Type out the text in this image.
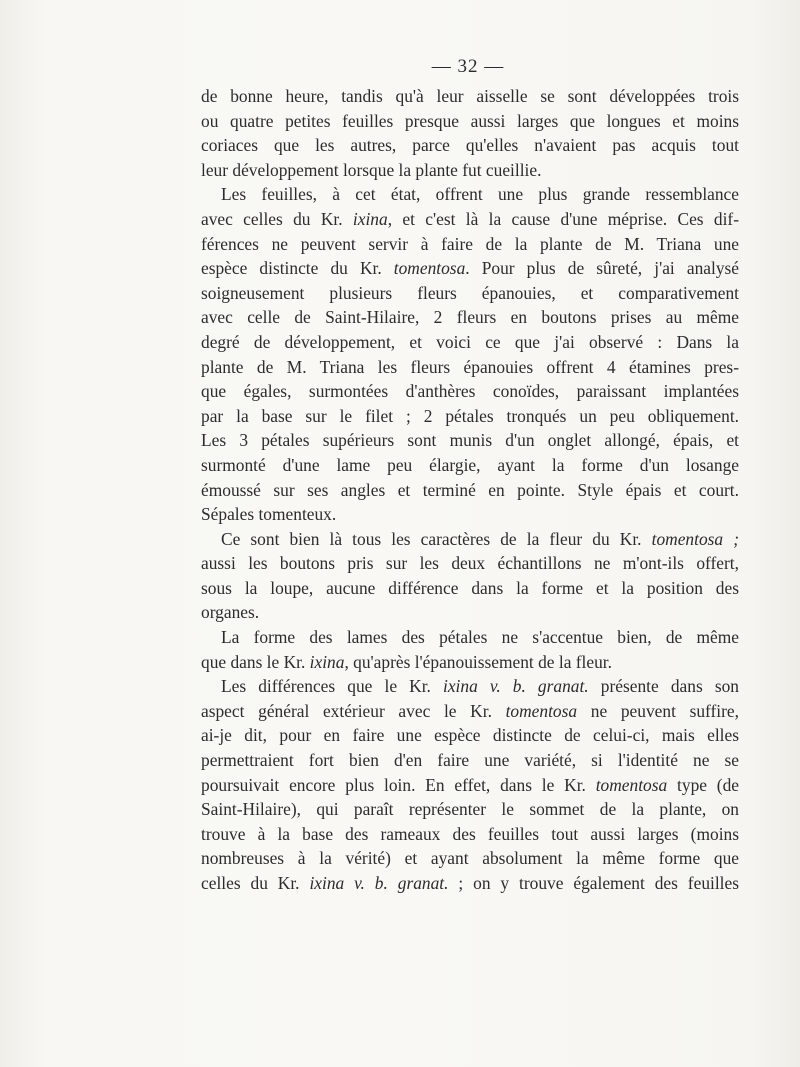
— 32 —
de bonne heure, tandis qu'à leur aisselle se sont développées trois
ou quatre petites feuilles presque aussi larges que longues et moins
coriaces que les autres, parce qu'elles n'avaient pas acquis tout
leur développement lorsque la plante fut cueillie.
Les feuilles, à cet état, offrent une plus grande ressemblance
avec celles du Kr. ixina, et c'est là la cause d'une méprise. Ces dif-
férences ne peuvent servir à faire de la plante de M. Triana une
espèce distincte du Kr. tomentosa. Pour plus de sûreté, j'ai analysé
soigneusement plusieurs fleurs épanouies, et comparativement
avec celle de Saint-Hilaire, 2 fleurs en boutons prises au même
degré de développement, et voici ce que j'ai observé : Dans la
plante de M. Triana les fleurs épanouies offrent 4 étamines pres-
que égales, surmontées d'anthères conoïdes, paraissant implantées
par la base sur le filet ; 2 pétales tronqués un peu obliquement.
Les 3 pétales supérieurs sont munis d'un onglet allongé, épais, et
surmonté d'une lame peu élargie, ayant la forme d'un losange
émoussé sur ses angles et terminé en pointe. Style épais et court.
Sépales tomenteux.
Ce sont bien là tous les caractères de la fleur du Kr. tomentosa ;
aussi les boutons pris sur les deux échantillons ne m'ont-ils offert,
sous la loupe, aucune différence dans la forme et la position des
organes.
La forme des lames des pétales ne s'accentue bien, de même
que dans le Kr. ixina, qu'après l'épanouissement de la fleur.
Les différences que le Kr. ixina v. b. granat. présente dans son
aspect général extérieur avec le Kr. tomentosa ne peuvent suffire,
ai-je dit, pour en faire une espèce distincte de celui-ci, mais elles
permettraient fort bien d'en faire une variété, si l'identité ne se
poursuivait encore plus loin. En effet, dans le Kr. tomentosa type (de
Saint-Hilaire), qui paraît représenter le sommet de la plante, on
trouve à la base des rameaux des feuilles tout aussi larges (moins
nombreuses à la vérité) et ayant absolument la même forme que
celles du Kr. ixina v. b. granat. ; on y trouve également des feuilles
